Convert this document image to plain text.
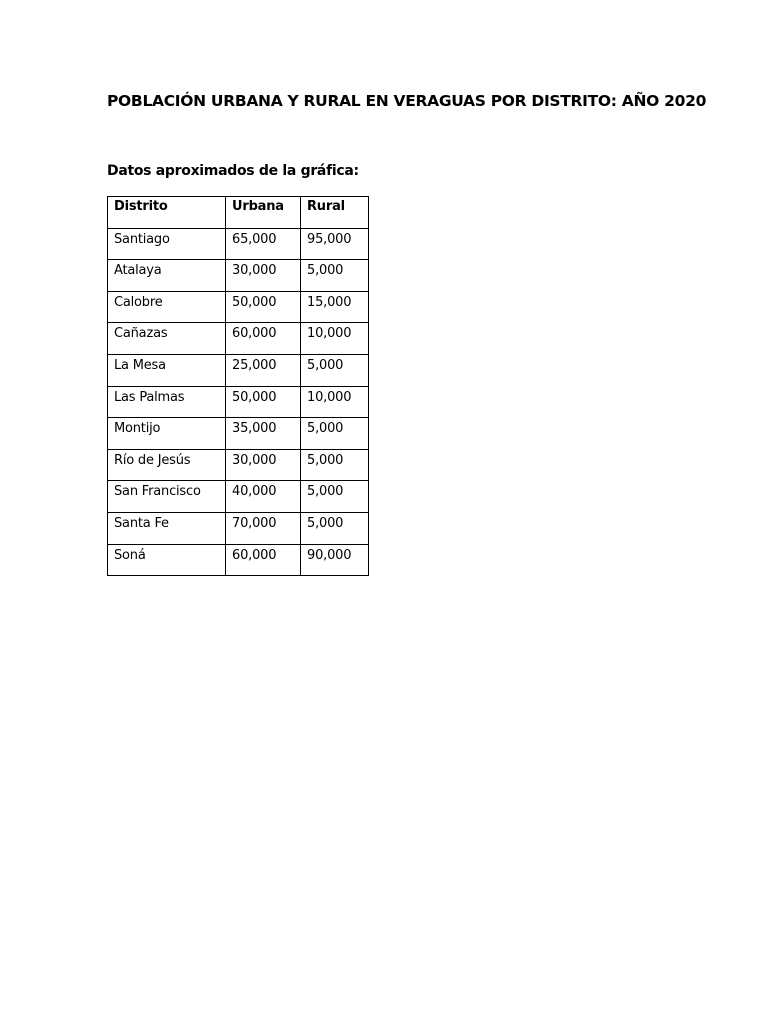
POBLACIÓN URBANA Y RURAL EN VERAGUAS POR DISTRITO: AÑO 2020

Datos aproximados de la gráfica:

Distrito	Urbana	Rural
Santiago	65,000	95,000
Atalaya	30,000	5,000
Calobre	50,000	15,000
Cañazas	60,000	10,000
La Mesa	25,000	5,000
Las Palmas	50,000	10,000
Montijo	35,000	5,000
Río de Jesús	30,000	5,000
San Francisco	40,000	5,000
Santa Fe	70,000	5,000
Soná	60,000	90,000
